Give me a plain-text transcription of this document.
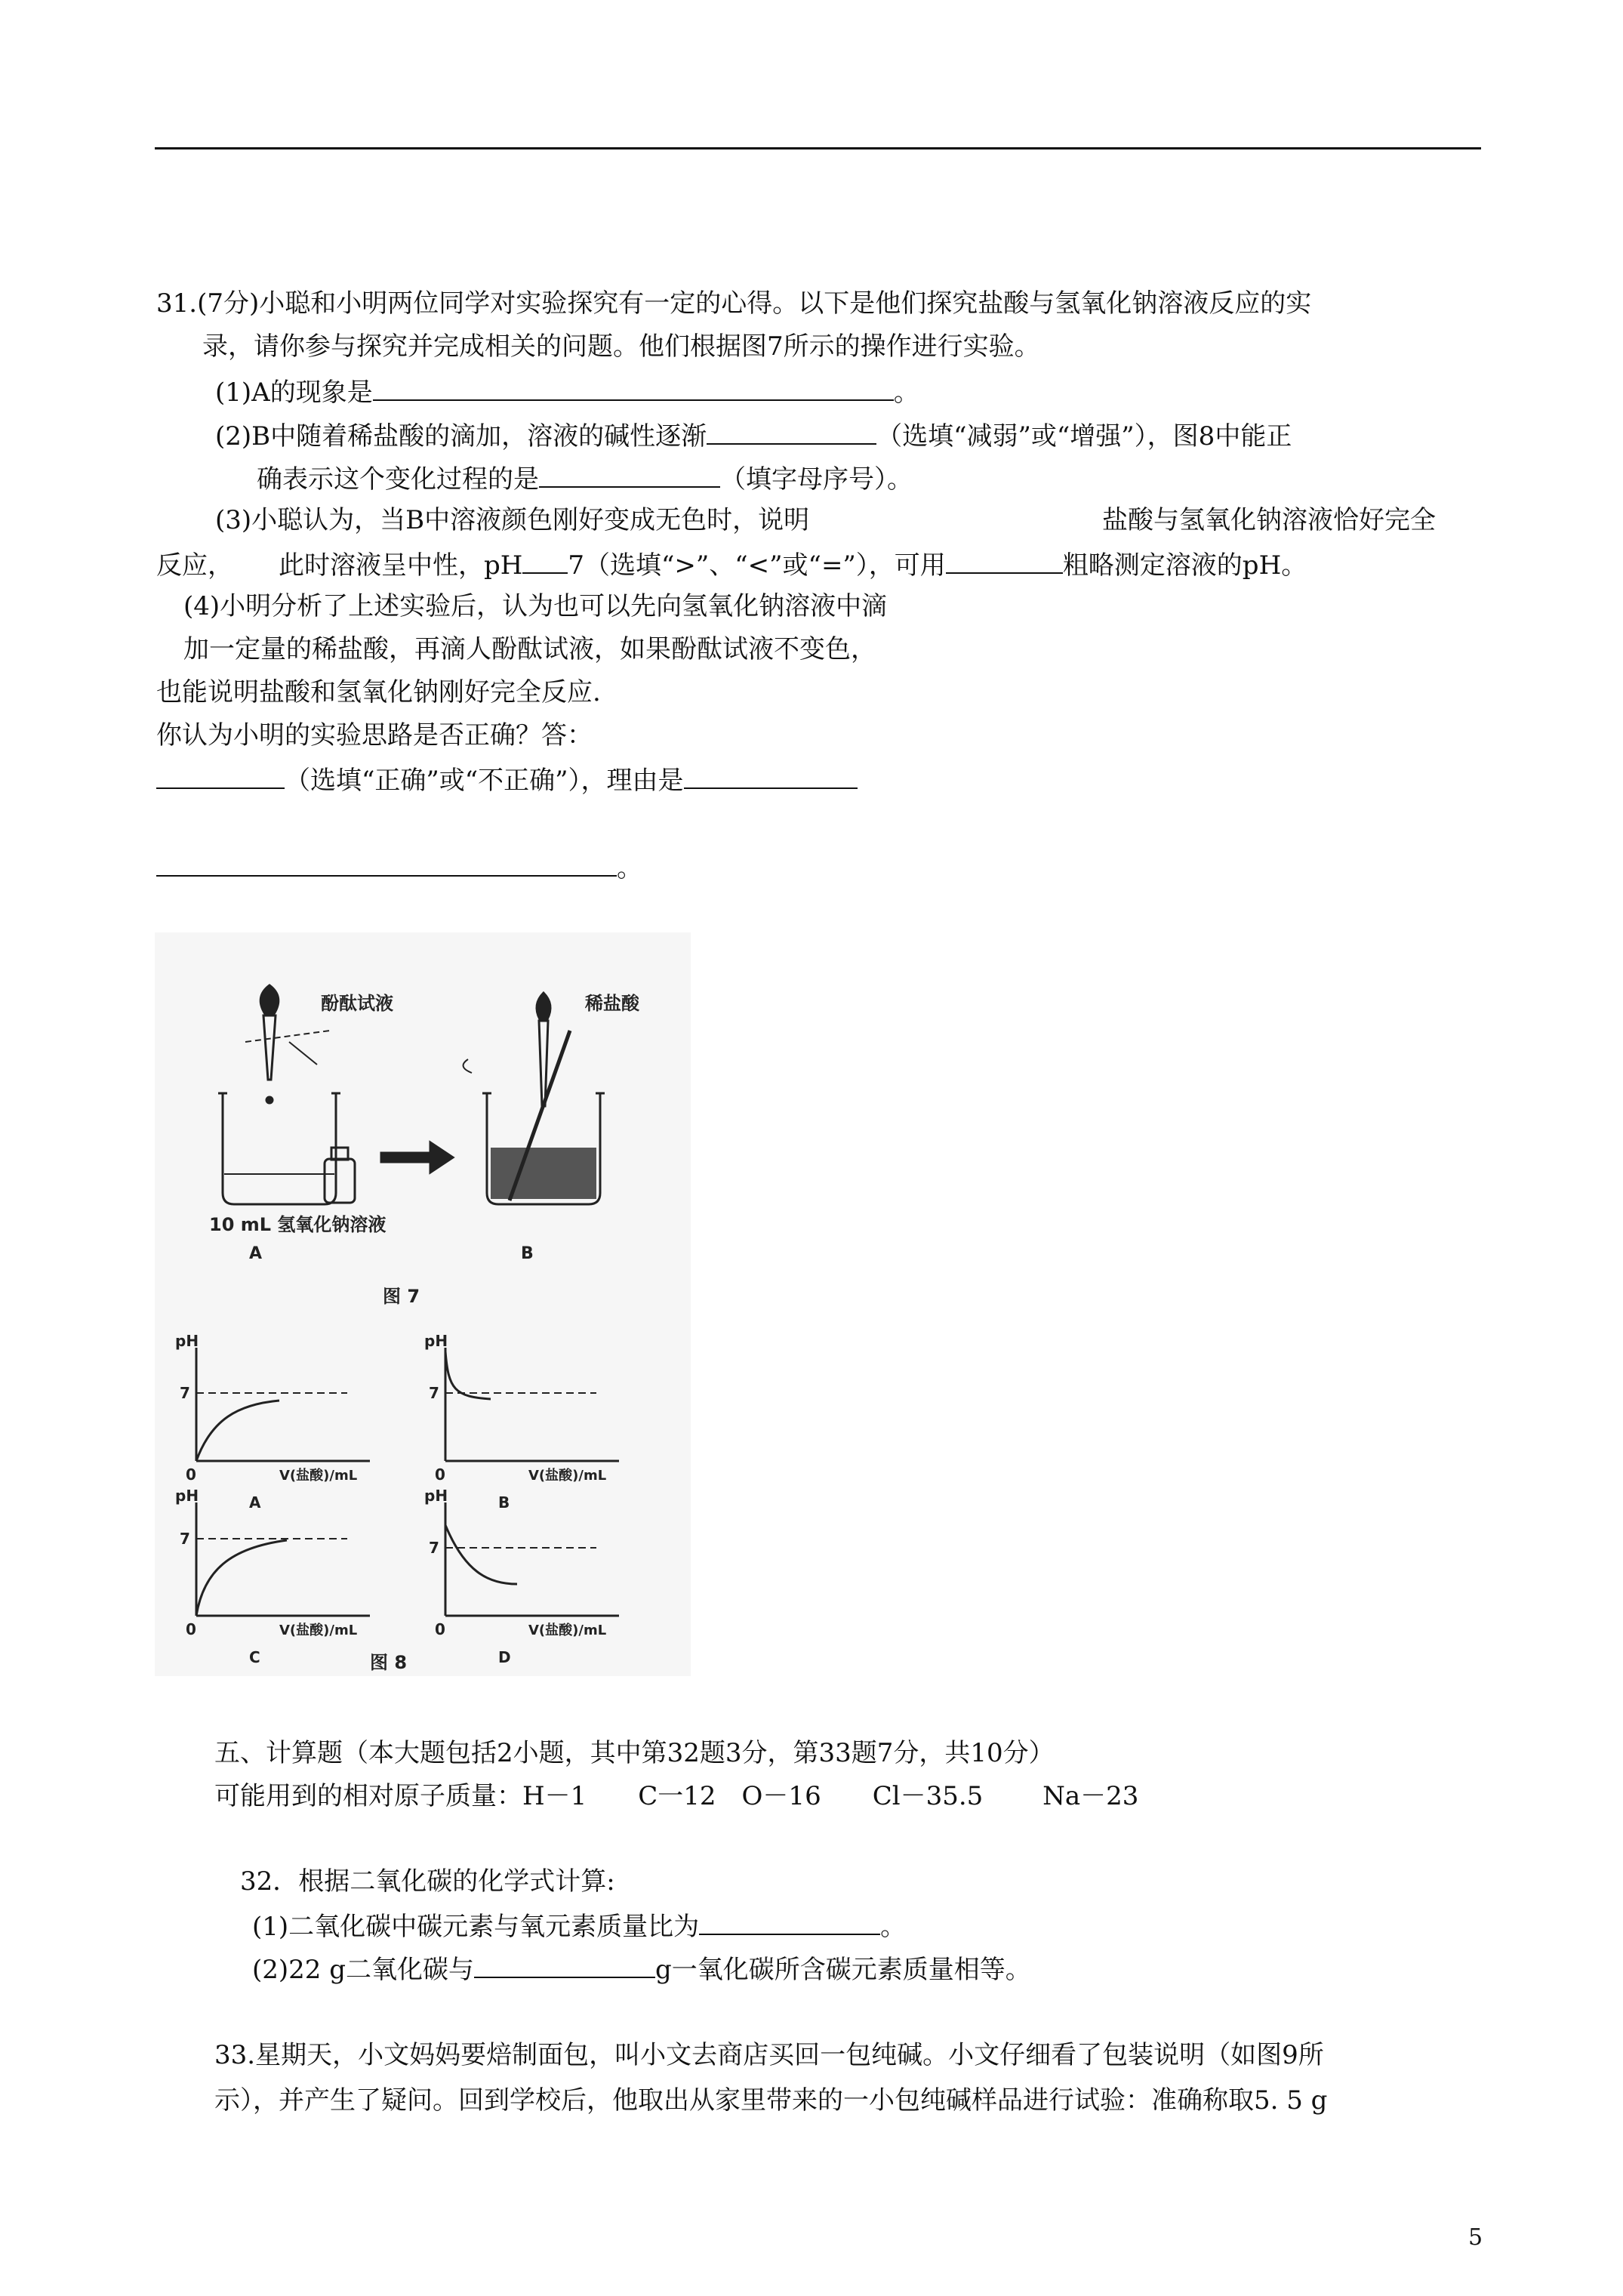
31.(7分)小聪和小明两位同学对实验探究有一定的心得。以下是他们探究盐酸与氢氧化钠溶液反应的实
录，请你参与探究并完成相关的问题。他们根据图7所示的操作进行实验。
(1)A的现象是	。
(2)B中随着稀盐酸的滴加，溶液的碱性逐渐	（选填“减弱”或“增强”），图8中能正
确表示这个变化过程的是	（填字母序号）。
(3)小聪认为，当B中溶液颜色刚好变成无色时，说明	盐酸与氢氧化钠溶液恰好完全
反应， 此时溶液呈中性，pH 7（选填“>”、“<”或“=”），可用	粗略测定溶液的pH。
(4)小明分析了上述实验后，认为也可以先向氢氧化钠溶液中滴
加一定量的稀盐酸，再滴人酚酞试液，如果酚酞试液不变色，
也能说明盐酸和氢氧化钠刚好完全反应.
你认为小明的实验思路是否正确？答：
（选填“正确”或“不正确”），理由是
。
酚酞试液	稀盐酸
10 mL 氢氧化钠溶液
A	B
图 7
pH
7
0	V(盐酸)/mL
A
pH
7
0	V(盐酸)/mL
B
pH
7
0	V(盐酸)/mL
C
pH
7
0	V(盐酸)/mL
D
图 8
五、计算题（本大题包括2小题，其中第32题3分，第33题7分，共10分）
可能用到的相对原子质量：H－1　　C一12　O－16　　Cl－35.5　　 Na－23
32．根据二氧化碳的化学式计算:
(1)二氧化碳中碳元素与氧元素质量比为	。
(2)22 g二氧化碳与	g一氧化碳所含碳元素质量相等。
33.星期天，小文妈妈要焙制面包，叫小文去商店买回一包纯碱。小文仔细看了包装说明（如图9所
示），并产生了疑问。回到学校后，他取出从家里带来的一小包纯碱样品进行试验：准确称取5. 5 g
5
